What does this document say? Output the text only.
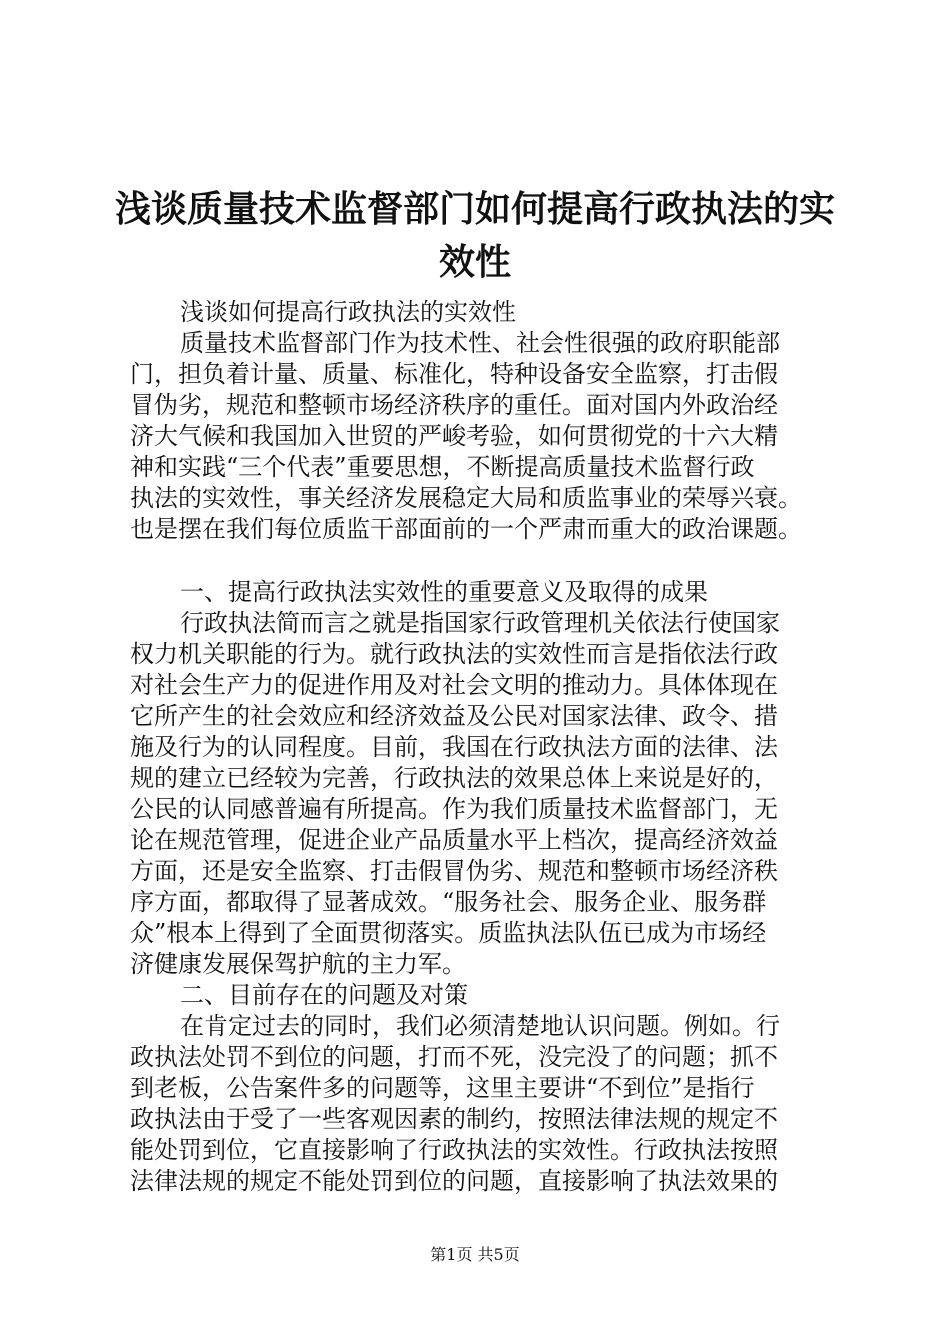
浅谈质量技术监督部门如何提高行政执法的实
效性
浅谈如何提高行政执法的实效性
质量技术监督部门作为技术性、社会性很强的政府职能部
门，担负着计量、质量、标准化，特种设备安全监察，打击假
冒伪劣，规范和整顿市场经济秩序的重任。面对国内外政治经
济大气候和我国加入世贸的严峻考验，如何贯彻党的十六大精
神和实践“三个代表”重要思想，不断提高质量技术监督行政
执法的实效性，事关经济发展稳定大局和质监事业的荣辱兴衰。
也是摆在我们每位质监干部面前的一个严肃而重大的政治课题。
一、提高行政执法实效性的重要意义及取得的成果
行政执法简而言之就是指国家行政管理机关依法行使国家
权力机关职能的行为。就行政执法的实效性而言是指依法行政
对社会生产力的促进作用及对社会文明的推动力。具体体现在
它所产生的社会效应和经济效益及公民对国家法律、政令、措
施及行为的认同程度。目前，我国在行政执法方面的法律、法
规的建立已经较为完善，行政执法的效果总体上来说是好的，
公民的认同感普遍有所提高。作为我们质量技术监督部门，无
论在规范管理，促进企业产品质量水平上档次，提高经济效益
方面，还是安全监察、打击假冒伪劣、规范和整顿市场经济秩
序方面，都取得了显著成效。“服务社会、服务企业、服务群
众”根本上得到了全面贯彻落实。质监执法队伍已成为市场经
济健康发展保驾护航的主力军。
二、目前存在的问题及对策
在肯定过去的同时，我们必须清楚地认识问题。例如。行
政执法处罚不到位的问题，打而不死，没完没了的问题；抓不
到老板，公告案件多的问题等，这里主要讲“不到位”是指行
政执法由于受了一些客观因素的制约，按照法律法规的规定不
能处罚到位，它直接影响了行政执法的实效性。行政执法按照
法律法规的规定不能处罚到位的问题，直接影响了执法效果的
第1页 共5页
